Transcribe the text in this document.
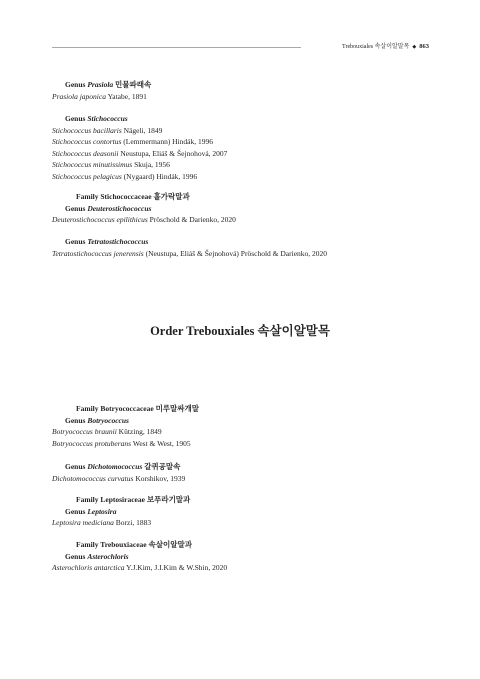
Trebouxiales 속살이알말목 ◆ 863
Genus Prasiola 민물파래속
Prasiola japonica Yatabe, 1891
Genus Stichococcus
Stichococcus bacillaris Nägeli, 1849
Stichococcus contortus (Lemmermann) Hindák, 1996
Stichococcus deasonii Neustupa, Eliáš & Šejnohová, 2007
Stichococcus minutissimus Skuja, 1956
Stichococcus pelagicus (Nygaard) Hindák, 1996
Family Stichococcaceae 홑가락말과
Genus Deuterostichococcus
Deuterostichococcus epilithicus Pröschold & Darienko, 2020
Genus Tetratostichococcus
Tetratostichococcus jenerensis (Neustupa, Eliáš & Šejnohová) Pröschold & Darienko, 2020
Order Trebouxiales 속살이알말목
Family Botryococcaceae 미루말싸개말
Genus Botryococcus
Botryococcus braunii Kützing, 1849
Botryococcus protuberans West & West, 1905
Genus Dichotomococcus 갈퀴공말속
Dichotomococcus curvatus Korshikov, 1939
Family Leptosiraceae 보푸라기말과
Genus Leptosira
Leptosira mediciana Borzi, 1883
Family Trebouxiaceae 속살이알말과
Genus Asterochloris
Asterochloris antarctica Y.J.Kim, J.I.Kim & W.Shin, 2020
